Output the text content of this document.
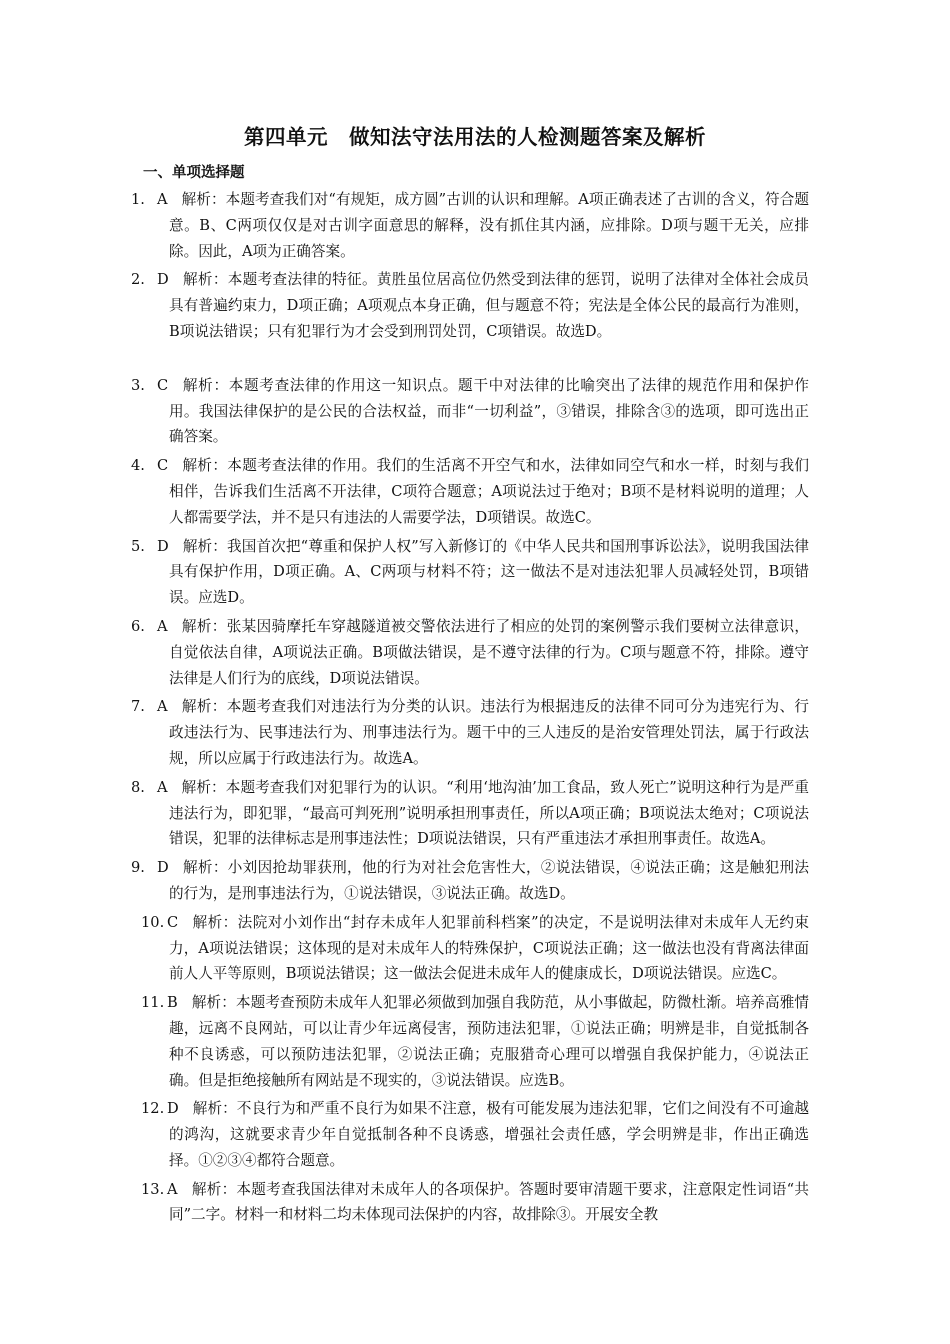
第四单元　做知法守法用法的人检测题答案及解析
一、单项选择题
1. A 解析：本题考查我们对“有规矩，成方圆”古训的认识和理解。A项正确表述了古训的含义，符合题意。B、C两项仅仅是对古训字面意思的解释，没有抓住其内涵，应排除。D项与题干无关，应排除。因此，A项为正确答案。
2. D 解析：本题考查法律的特征。黄胜虽位居高位仍然受到法律的惩罚，说明了法律对全体社会成员具有普遍约束力，D项正确；A项观点本身正确，但与题意不符；宪法是全体公民的最高行为准则，B项说法错误；只有犯罪行为才会受到刑罚处罚，C项错误。故选D。
3. C 解析：本题考查法律的作用这一知识点。题干中对法律的比喻突出了法律的规范作用和保护作用。我国法律保护的是公民的合法权益，而非“一切利益”，③错误，排除含③的选项，即可选出正确答案。
4. C 解析：本题考查法律的作用。我们的生活离不开空气和水，法律如同空气和水一样，时刻与我们相伴，告诉我们生活离不开法律，C项符合题意；A项说法过于绝对；B项不是材料说明的道理；人人都需要学法，并不是只有违法的人需要学法，D项错误。故选C。
5. D 解析：我国首次把“尊重和保护人权”写入新修订的《中华人民共和国刑事诉讼法》，说明我国法律具有保护作用，D项正确。A、C两项与材料不符；这一做法不是对违法犯罪人员减轻处罚，B项错误。应选D。
6. A 解析：张某因骑摩托车穿越隧道被交警依法进行了相应的处罚的案例警示我们要树立法律意识，自觉依法自律，A项说法正确。B项做法错误，是不遵守法律的行为。C项与题意不符，排除。遵守法律是人们行为的底线，D项说法错误。
7. A 解析：本题考查我们对违法行为分类的认识。违法行为根据违反的法律不同可分为违宪行为、行政违法行为、民事违法行为、刑事违法行为。题干中的三人违反的是治安管理处罚法，属于行政法规，所以应属于行政违法行为。故选A。
8. A 解析：本题考查我们对犯罪行为的认识。“利用‘地沟油’加工食品，致人死亡”说明这种行为是严重违法行为，即犯罪，“最高可判死刑”说明承担刑事责任，所以A项正确；B项说法太绝对；C项说法错误，犯罪的法律标志是刑事违法性；D项说法错误，只有严重违法才承担刑事责任。故选A。
9. D 解析：小刘因抢劫罪获刑，他的行为对社会危害性大，②说法错误，④说法正确；这是触犯刑法的行为，是刑事违法行为，①说法错误，③说法正确。故选D。
10. C 解析：法院对小刘作出“封存未成年人犯罪前科档案”的决定，不是说明法律对未成年人无约束力，A项说法错误；这体现的是对未成年人的特殊保护，C项说法正确；这一做法也没有背离法律面前人人平等原则，B项说法错误；这一做法会促进未成年人的健康成长，D项说法错误。应选C。
11. B 解析：本题考查预防未成年人犯罪必须做到加强自我防范，从小事做起，防微杜渐。培养高雅情趣，远离不良网站，可以让青少年远离侵害，预防违法犯罪，①说法正确；明辨是非，自觉抵制各种不良诱惑，可以预防违法犯罪，②说法正确；克服猎奇心理可以增强自我保护能力，④说法正确。但是拒绝接触所有网站是不现实的，③说法错误。应选B。
12. D 解析：不良行为和严重不良行为如果不注意，极有可能发展为违法犯罪，它们之间没有不可逾越的鸿沟，这就要求青少年自觉抵制各种不良诱惑，增强社会责任感，学会明辨是非，作出正确选择。①②③④都符合题意。
13. A 解析：本题考查我国法律对未成年人的各项保护。答题时要审清题干要求，注意限定性词语“共同”二字。材料一和材料二均未体现司法保护的内容，故排除③。开展安全教
